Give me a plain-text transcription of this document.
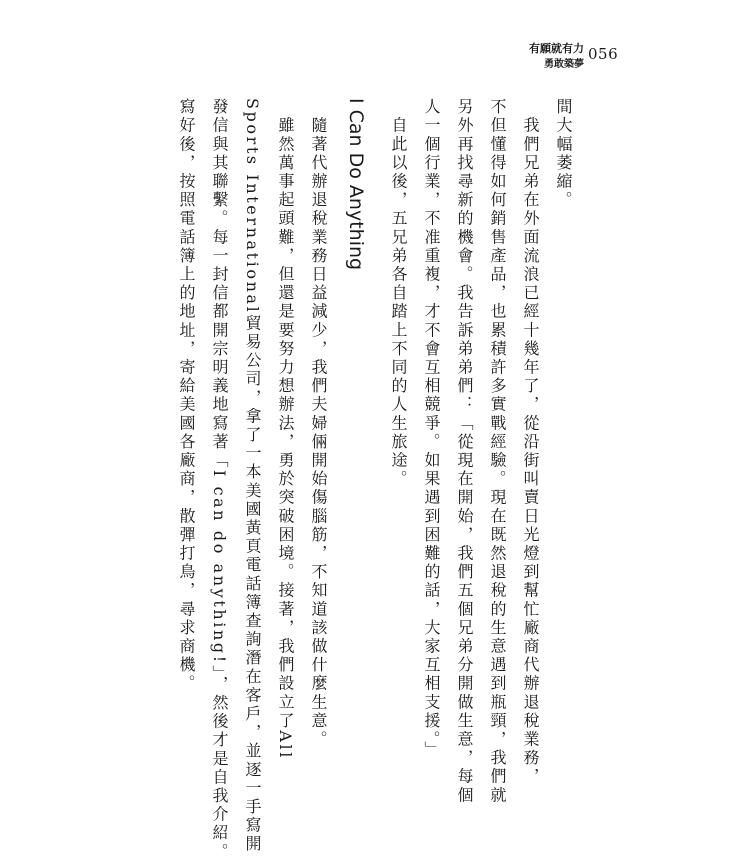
有願就有力
勇敢築夢
056
間大幅萎縮。
　我們兄弟在外面流浪已經十幾年了，從沿街叫賣日光燈到幫忙廠商代辦退稅業務，
不但懂得如何銷售產品，也累積許多實戰經驗。現在既然退稅的生意遇到瓶頸，我們就
另外再找尋新的機會。我告訴弟弟們：「從現在開始，我們五個兄弟分開做生意，每個
人一個行業，不准重複，才不會互相競爭。如果遇到困難的話，大家互相支援。」
　自此以後，五兄弟各自踏上不同的人生旅途。
I Can Do Anything
　隨著代辦退稅業務日益減少，我們夫婦倆開始傷腦筋，不知道該做什麼生意。
　雖然萬事起頭難，但還是要努力想辦法，勇於突破困境。接著，我們設立了All
Sports International貿易公司，拿了一本美國黃頁電話簿查詢潛在客戶，並逐一手寫開
發信與其聯繫。每一封信都開宗明義地寫著「I can do anything!」，然後才是自我介紹。
寫好後，按照電話簿上的地址，寄給美國各廠商，散彈打鳥，尋求商機。
